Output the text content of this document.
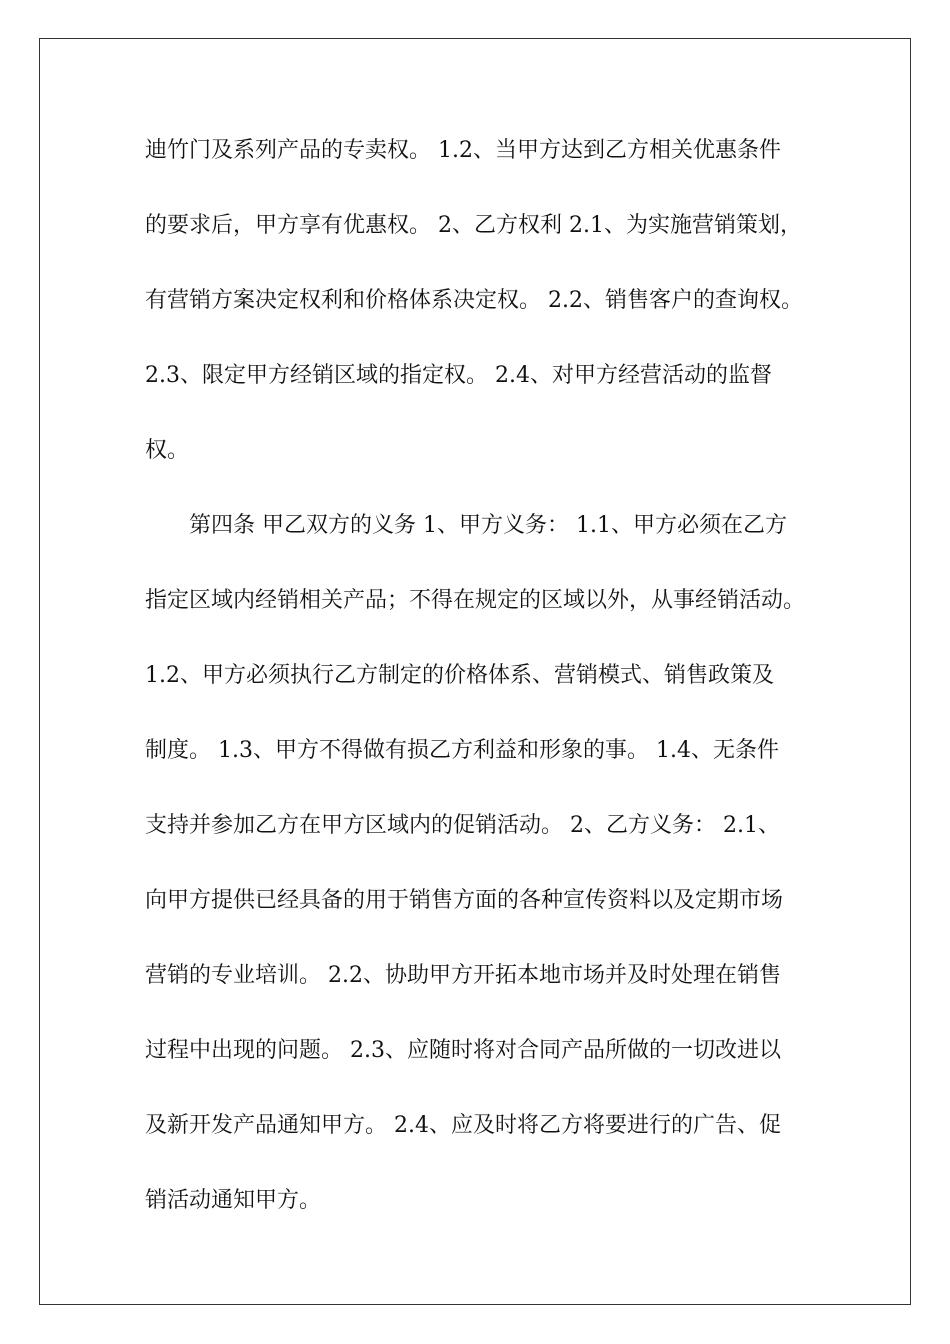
迪竹门及系列产品的专卖权。 1.2、当甲方达到乙方相关优惠条件
的要求后，甲方享有优惠权。 2、乙方权利 2.1、为实施营销策划，
有营销方案决定权利和价格体系决定权。 2.2、销售客户的查询权。
2.3、限定甲方经销区域的指定权。 2.4、对甲方经营活动的监督
权。
　　第四条 甲乙双方的义务 1、甲方义务： 1.1、甲方必须在乙方
指定区域内经销相关产品；不得在规定的区域以外，从事经销活动。
1.2、甲方必须执行乙方制定的价格体系、营销模式、销售政策及
制度。 1.3、甲方不得做有损乙方利益和形象的事。 1.4、无条件
支持并参加乙方在甲方区域内的促销活动。 2、乙方义务： 2.1、
向甲方提供已经具备的用于销售方面的各种宣传资料以及定期市场
营销的专业培训。 2.2、协助甲方开拓本地市场并及时处理在销售
过程中出现的问题。 2.3、应随时将对合同产品所做的一切改进以
及新开发产品通知甲方。 2.4、应及时将乙方将要进行的广告、促
销活动通知甲方。
